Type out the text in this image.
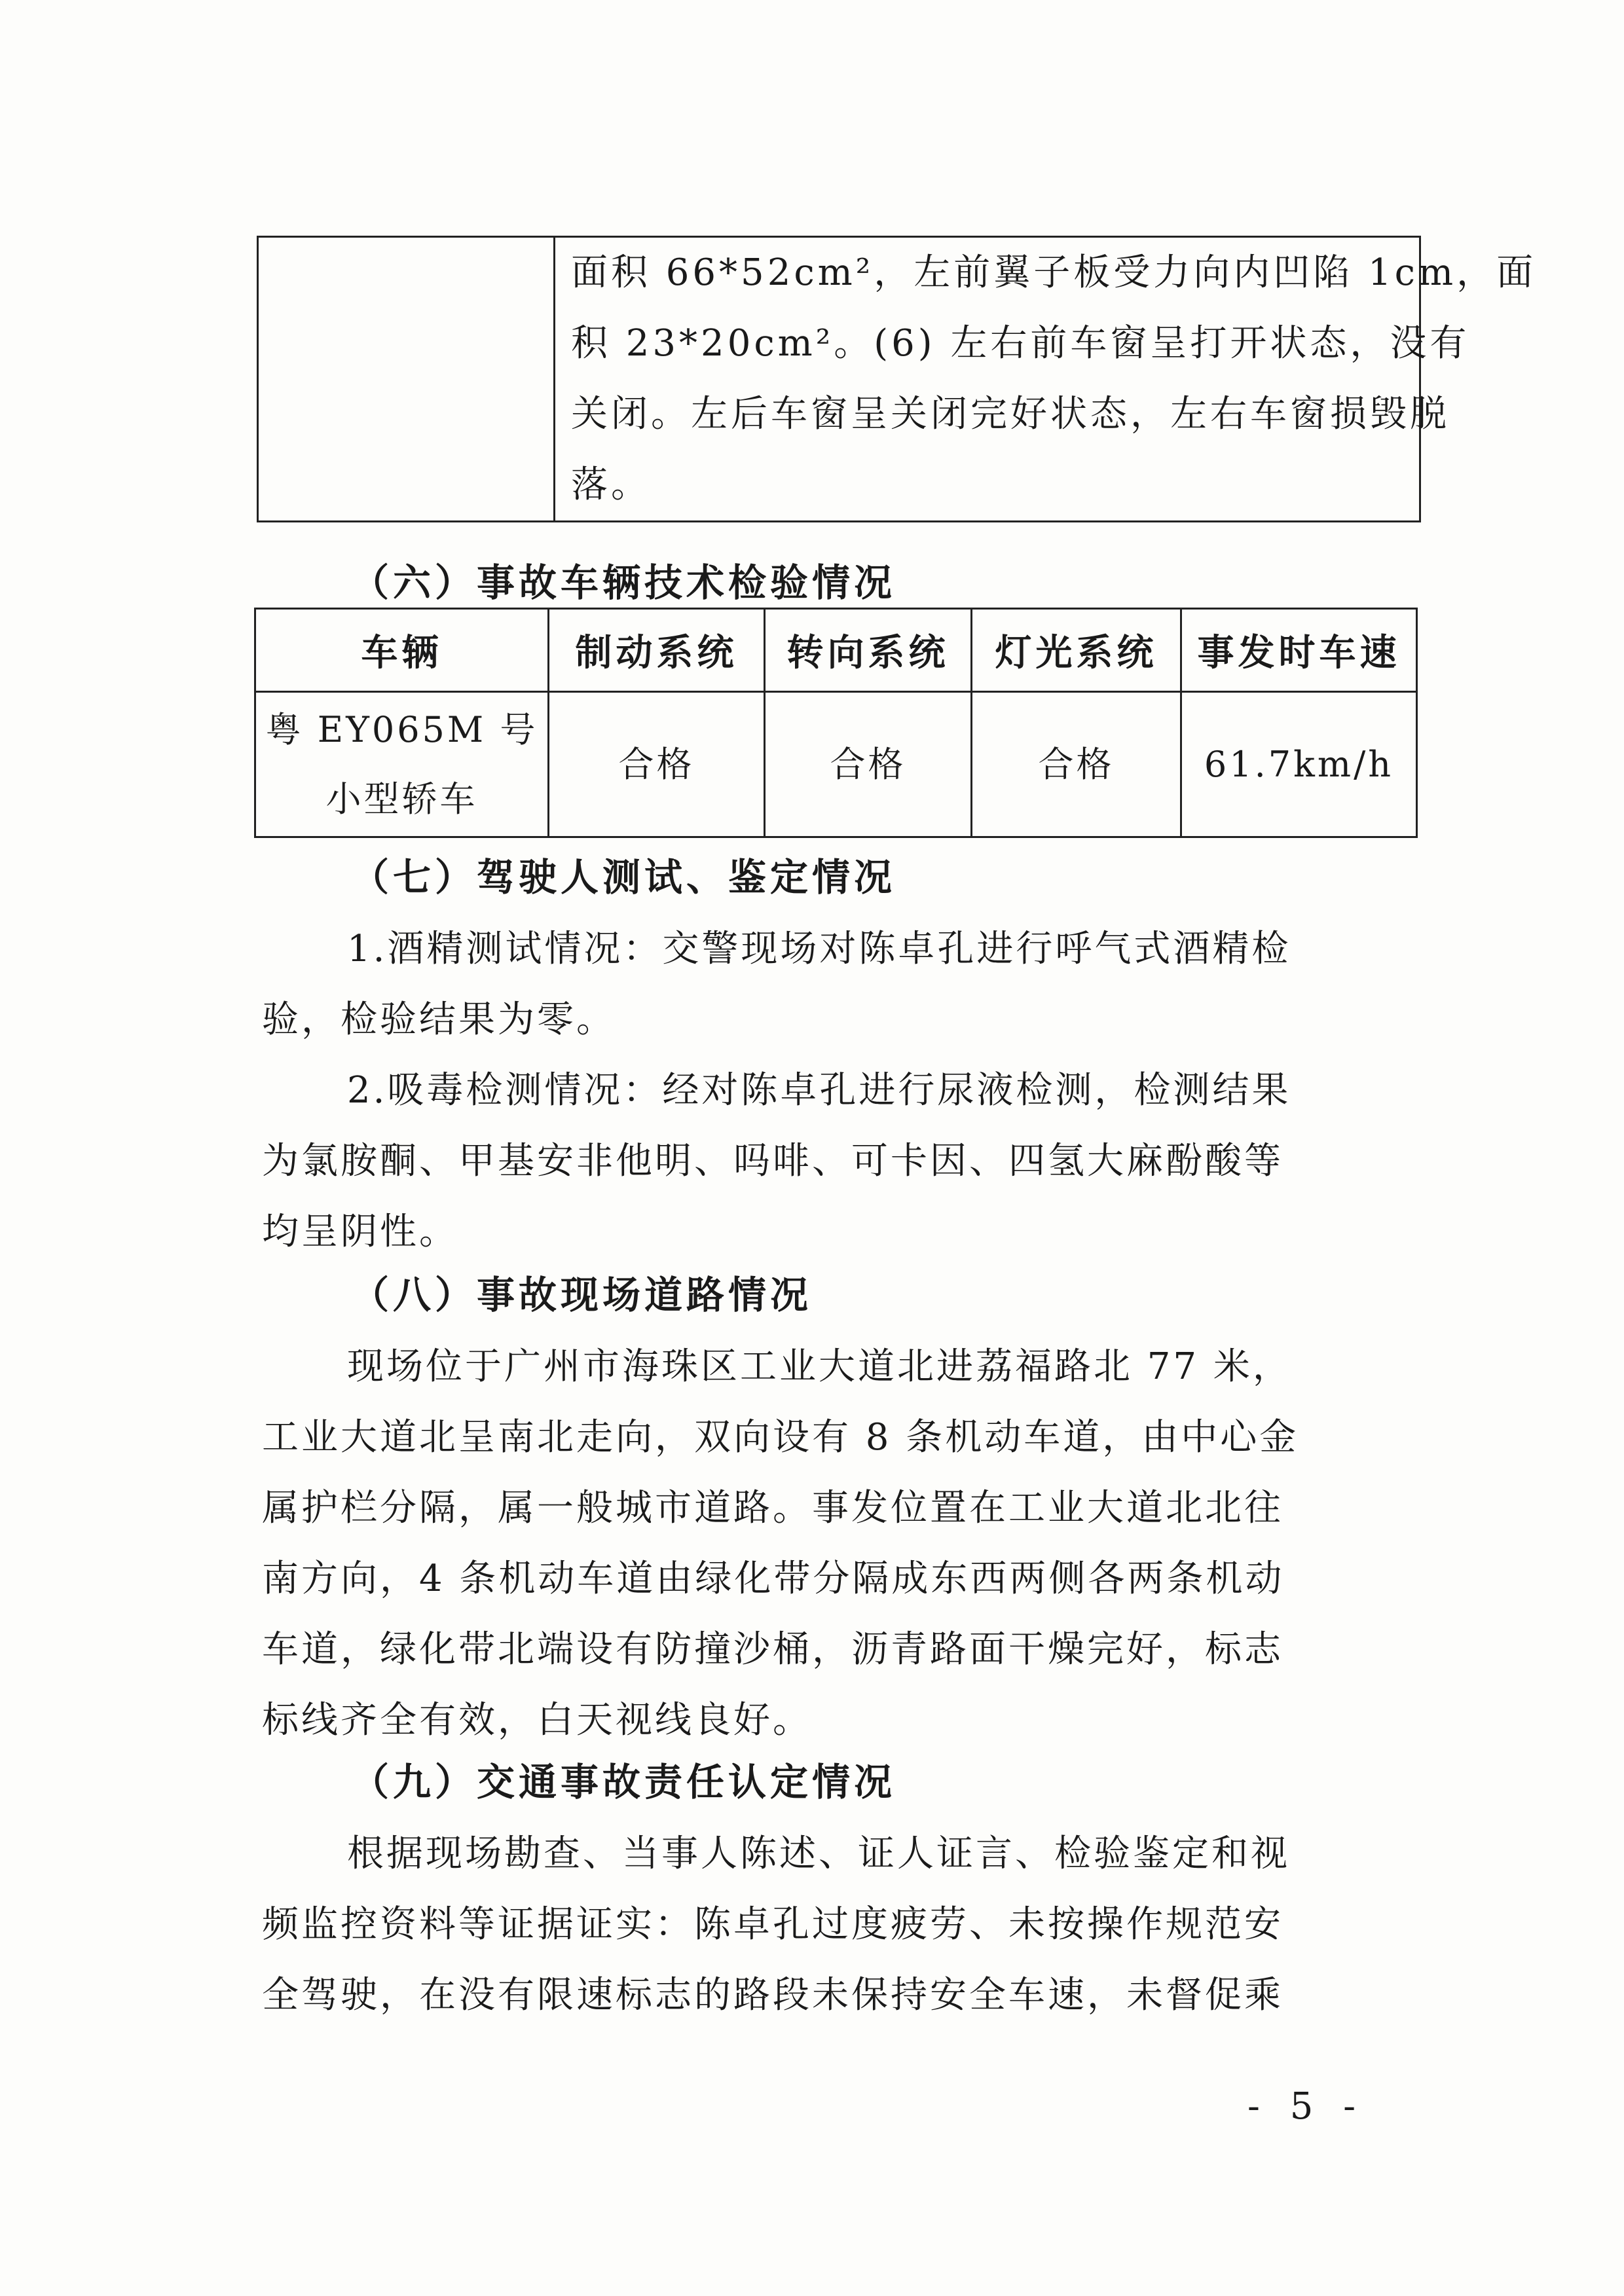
面积 66*52cm²，左前翼子板受力向内凹陷 1cm，面
积 23*20cm²。(6) 左右前车窗呈打开状态，没有
关闭。左后车窗呈关闭完好状态，左右车窗损毁脱
落。
（六）事故车辆技术检验情况
车辆	制动系统	转向系统	灯光系统	事发时车速

粤 EY065M 号
小型轿车	合格	合格	合格	61.7km/h
（七）驾驶人测试、鉴定情况
1.酒精测试情况：交警现场对陈卓孔进行呼气式酒精检
验，检验结果为零。
2.吸毒检测情况：经对陈卓孔进行尿液检测，检测结果
为氯胺酮、甲基安非他明、吗啡、可卡因、四氢大麻酚酸等
均呈阴性。
（八）事故现场道路情况
现场位于广州市海珠区工业大道北进荔福路北 77 米，
工业大道北呈南北走向，双向设有 8 条机动车道，由中心金
属护栏分隔，属一般城市道路。事发位置在工业大道北北往
南方向，4 条机动车道由绿化带分隔成东西两侧各两条机动
车道，绿化带北端设有防撞沙桶，沥青路面干燥完好，标志
标线齐全有效，白天视线良好。
（九）交通事故责任认定情况
根据现场勘查、当事人陈述、证人证言、检验鉴定和视
频监控资料等证据证实：陈卓孔过度疲劳、未按操作规范安
全驾驶，在没有限速标志的路段未保持安全车速，未督促乘
- 5 -
